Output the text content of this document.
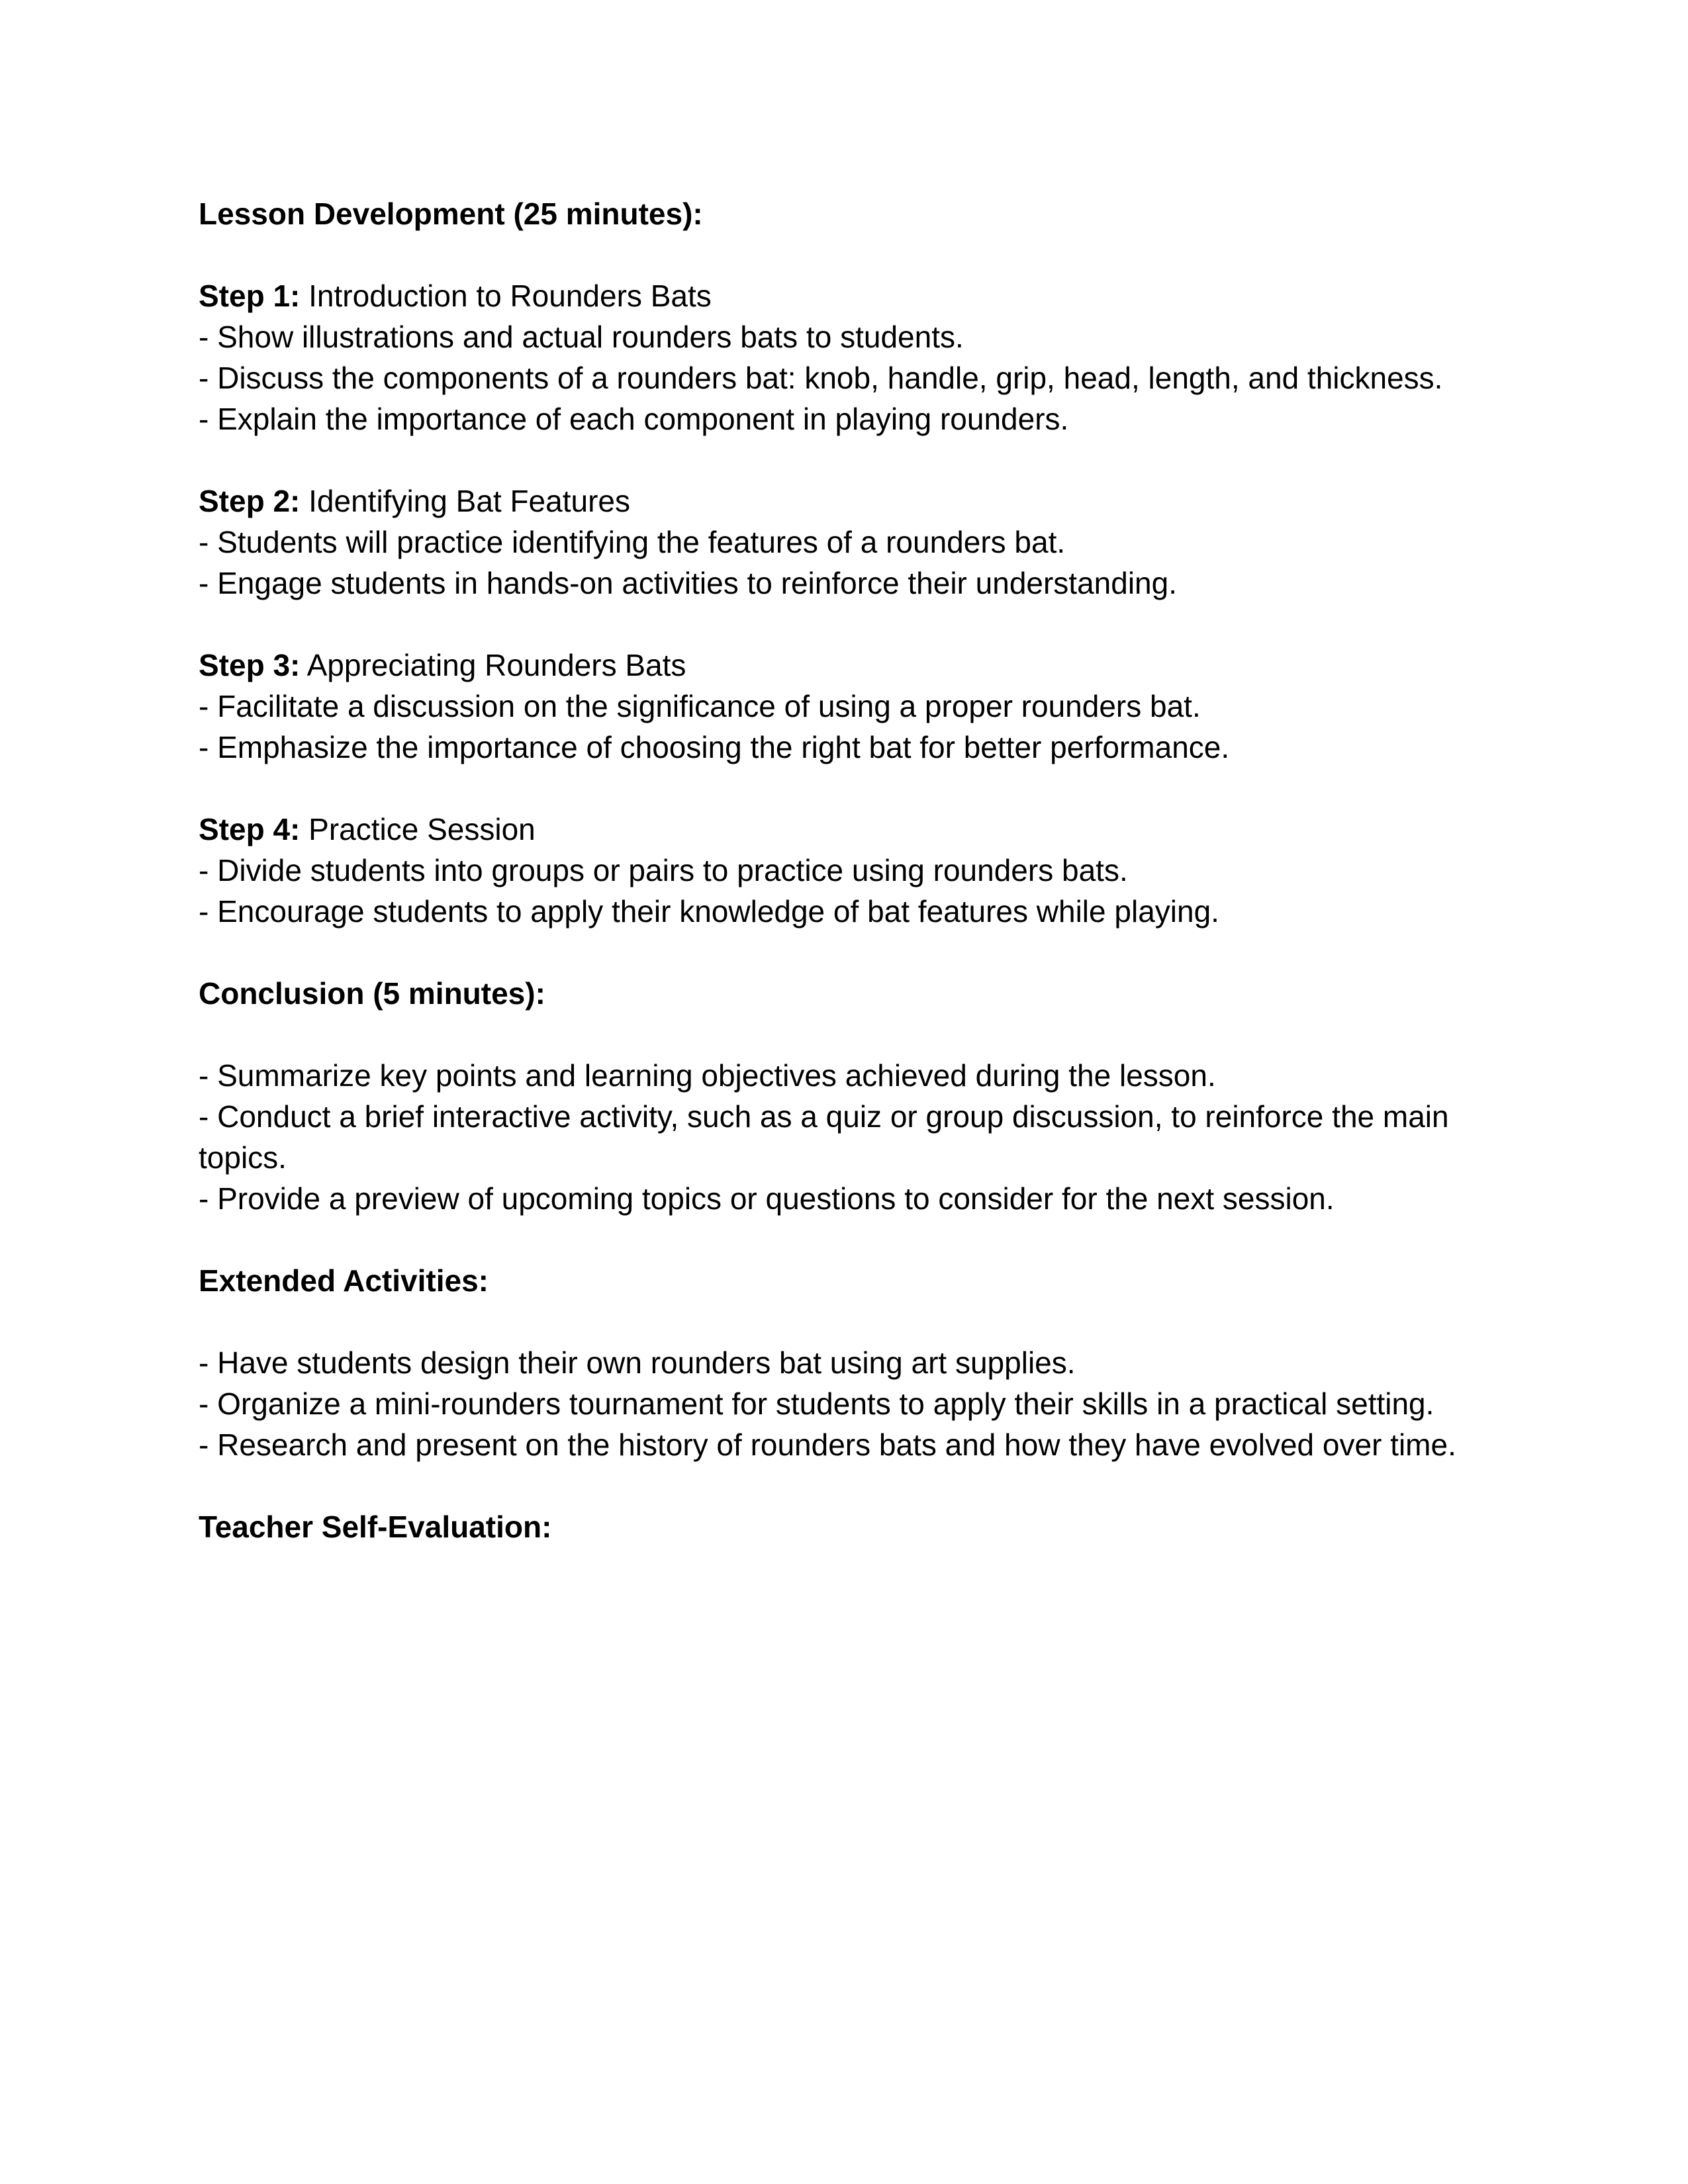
Lesson Development (25 minutes):

Step 1: Introduction to Rounders Bats

- Show illustrations and actual rounders bats to students.

- Discuss the components of a rounders bat: knob, handle, grip, head, length, and thickness.

- Explain the importance of each component in playing rounders.

Step 2: Identifying Bat Features

- Students will practice identifying the features of a rounders bat.

- Engage students in hands-on activities to reinforce their understanding.

Step 3: Appreciating Rounders Bats

- Facilitate a discussion on the significance of using a proper rounders bat.

- Emphasize the importance of choosing the right bat for better performance.

Step 4: Practice Session

- Divide students into groups or pairs to practice using rounders bats.

- Encourage students to apply their knowledge of bat features while playing.

Conclusion (5 minutes):

- Summarize key points and learning objectives achieved during the lesson.

- Conduct a brief interactive activity, such as a quiz or group discussion, to reinforce the main topics.

- Provide a preview of upcoming topics or questions to consider for the next session.

Extended Activities:

- Have students design their own rounders bat using art supplies.

- Organize a mini-rounders tournament for students to apply their skills in a practical setting.

- Research and present on the history of rounders bats and how they have evolved over time.

Teacher Self-Evaluation:
